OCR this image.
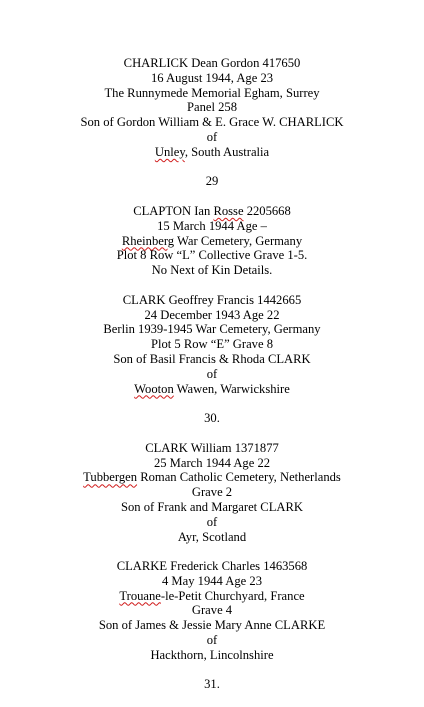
CHARLICK Dean Gordon 417650
16 August 1944, Age 23
The Runnymede Memorial Egham, Surrey
Panel 258
Son of Gordon William & E. Grace W. CHARLICK
of
Unley, South Australia
29
CLAPTON Ian Rosse 2205668
15 March 1944 Age –
Rheinberg War Cemetery, Germany
Plot 8 Row “L” Collective Grave 1-5.
No Next of Kin Details.
CLARK Geoffrey Francis 1442665
24 December 1943 Age 22
Berlin 1939-1945 War Cemetery, Germany
Plot 5 Row “E” Grave 8
Son of Basil Francis & Rhoda CLARK
of
Wooton Wawen, Warwickshire
30.
CLARK William 1371877
25 March 1944 Age 22
Tubbergen Roman Catholic Cemetery, Netherlands
Grave 2
Son of Frank and Margaret CLARK
of
Ayr, Scotland
CLARKE Frederick Charles 1463568
4 May 1944 Age 23
Trouane-le-Petit Churchyard, France
Grave 4
Son of James & Jessie Mary Anne CLARKE
of
Hackthorn, Lincolnshire
31.
